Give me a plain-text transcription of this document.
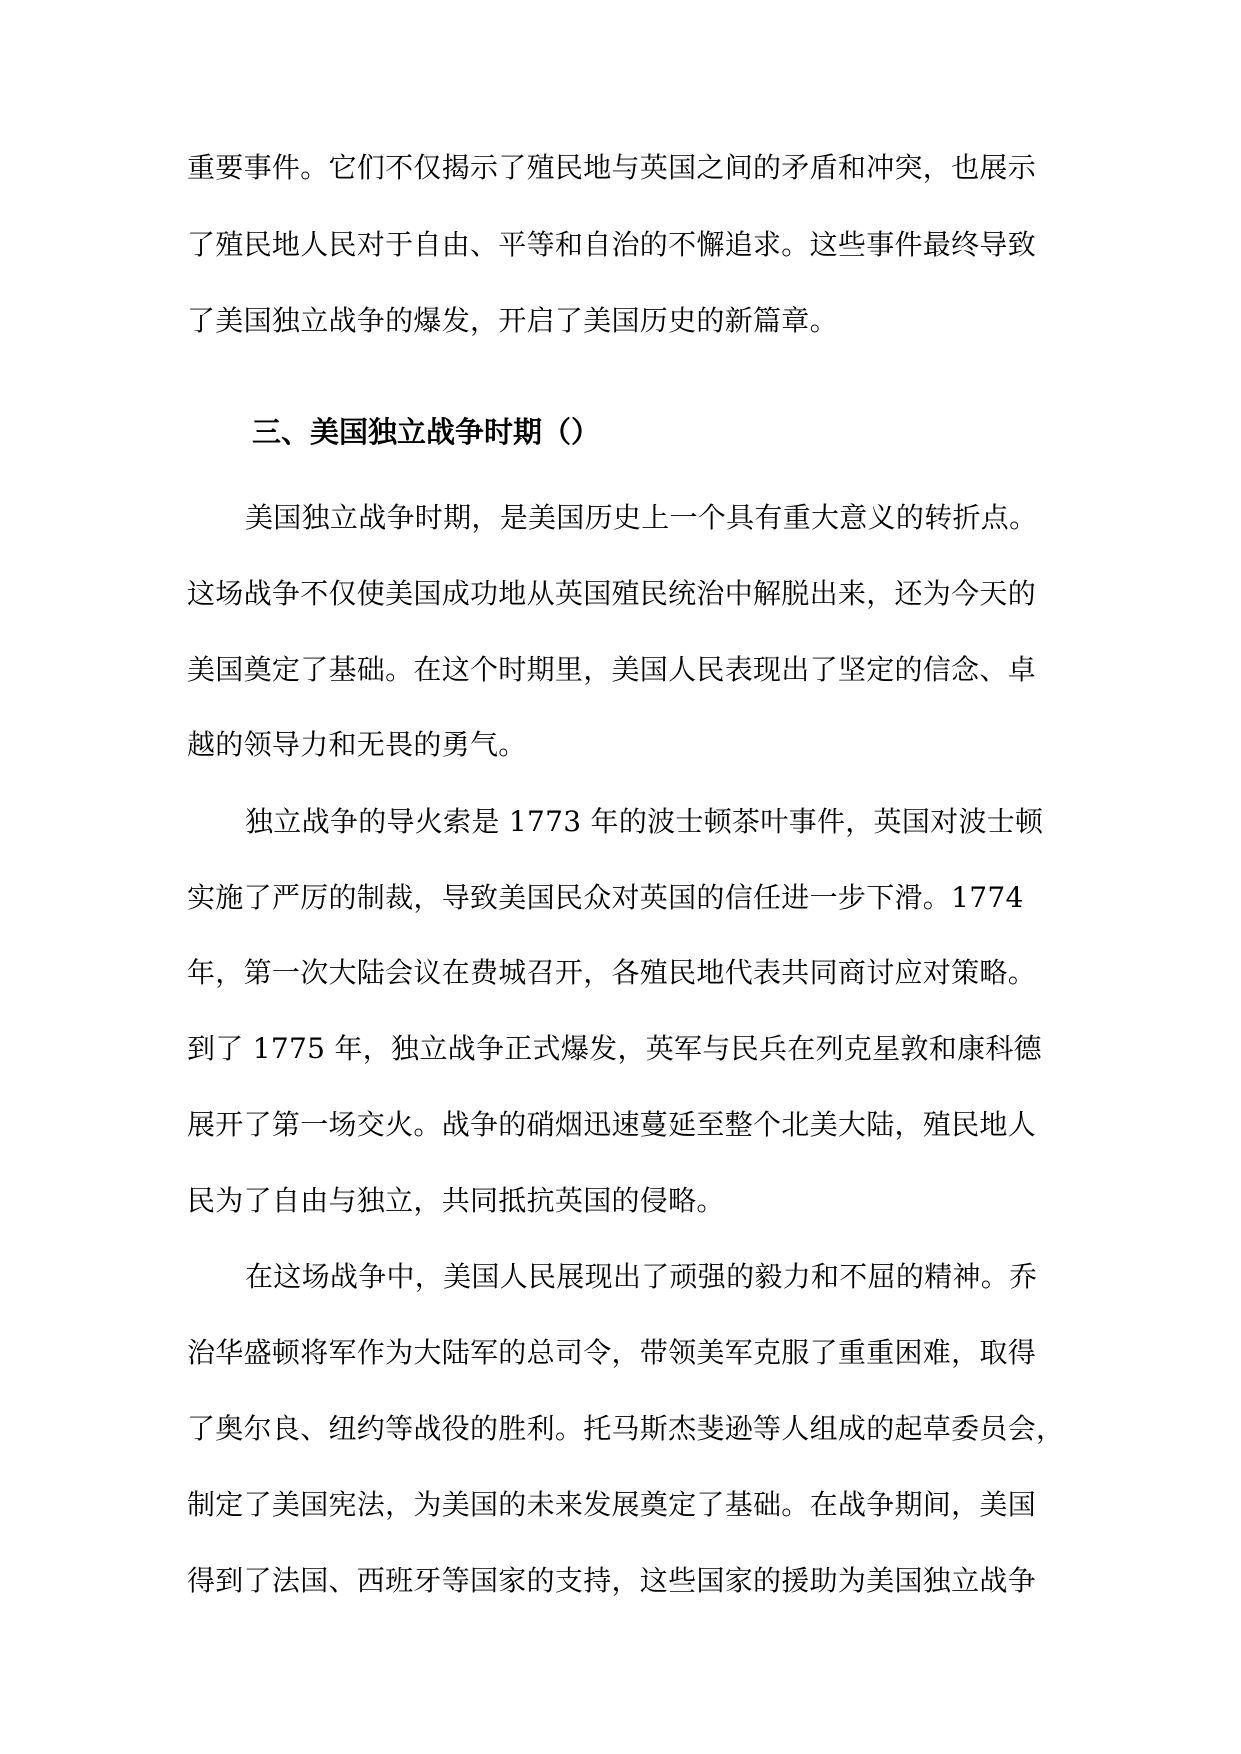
重要事件。它们不仅揭示了殖民地与英国之间的矛盾和冲突，也展示
了殖民地人民对于自由、平等和自治的不懈追求。这些事件最终导致
了美国独立战争的爆发，开启了美国历史的新篇章。
三、美国独立战争时期（）
美国独立战争时期，是美国历史上一个具有重大意义的转折点。
这场战争不仅使美国成功地从英国殖民统治中解脱出来，还为今天的
美国奠定了基础。在这个时期里，美国人民表现出了坚定的信念、卓
越的领导力和无畏的勇气。
独立战争的导火索是 1773 年的波士顿茶叶事件，英国对波士顿
实施了严厉的制裁，导致美国民众对英国的信任进一步下滑。1774
年，第一次大陆会议在费城召开，各殖民地代表共同商讨应对策略。
到了 1775 年，独立战争正式爆发，英军与民兵在列克星敦和康科德
展开了第一场交火。战争的硝烟迅速蔓延至整个北美大陆，殖民地人
民为了自由与独立，共同抵抗英国的侵略。
在这场战争中，美国人民展现出了顽强的毅力和不屈的精神。乔
治华盛顿将军作为大陆军的总司令，带领美军克服了重重困难，取得
了奥尔良、纽约等战役的胜利。托马斯杰斐逊等人组成的起草委员会，
制定了美国宪法，为美国的未来发展奠定了基础。在战争期间，美国
得到了法国、西班牙等国家的支持，这些国家的援助为美国独立战争
